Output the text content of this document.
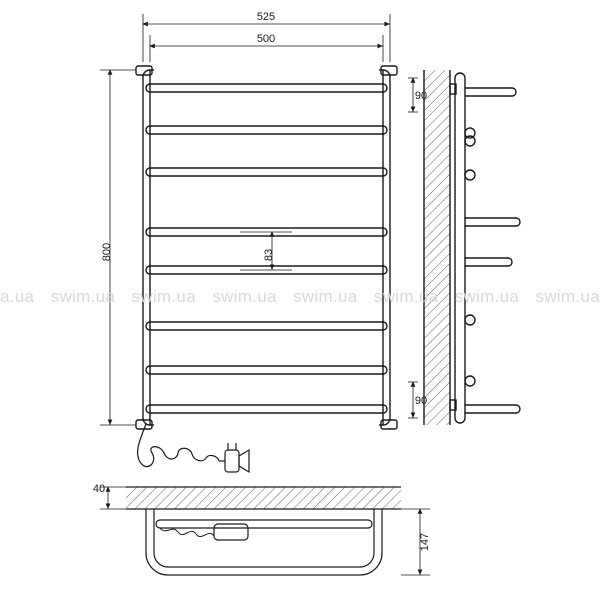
525
500
800	83
90
90
40
147
a.ua swim.ua swim.ua swim.ua swim.ua swim.ua swim.ua swim.ua
